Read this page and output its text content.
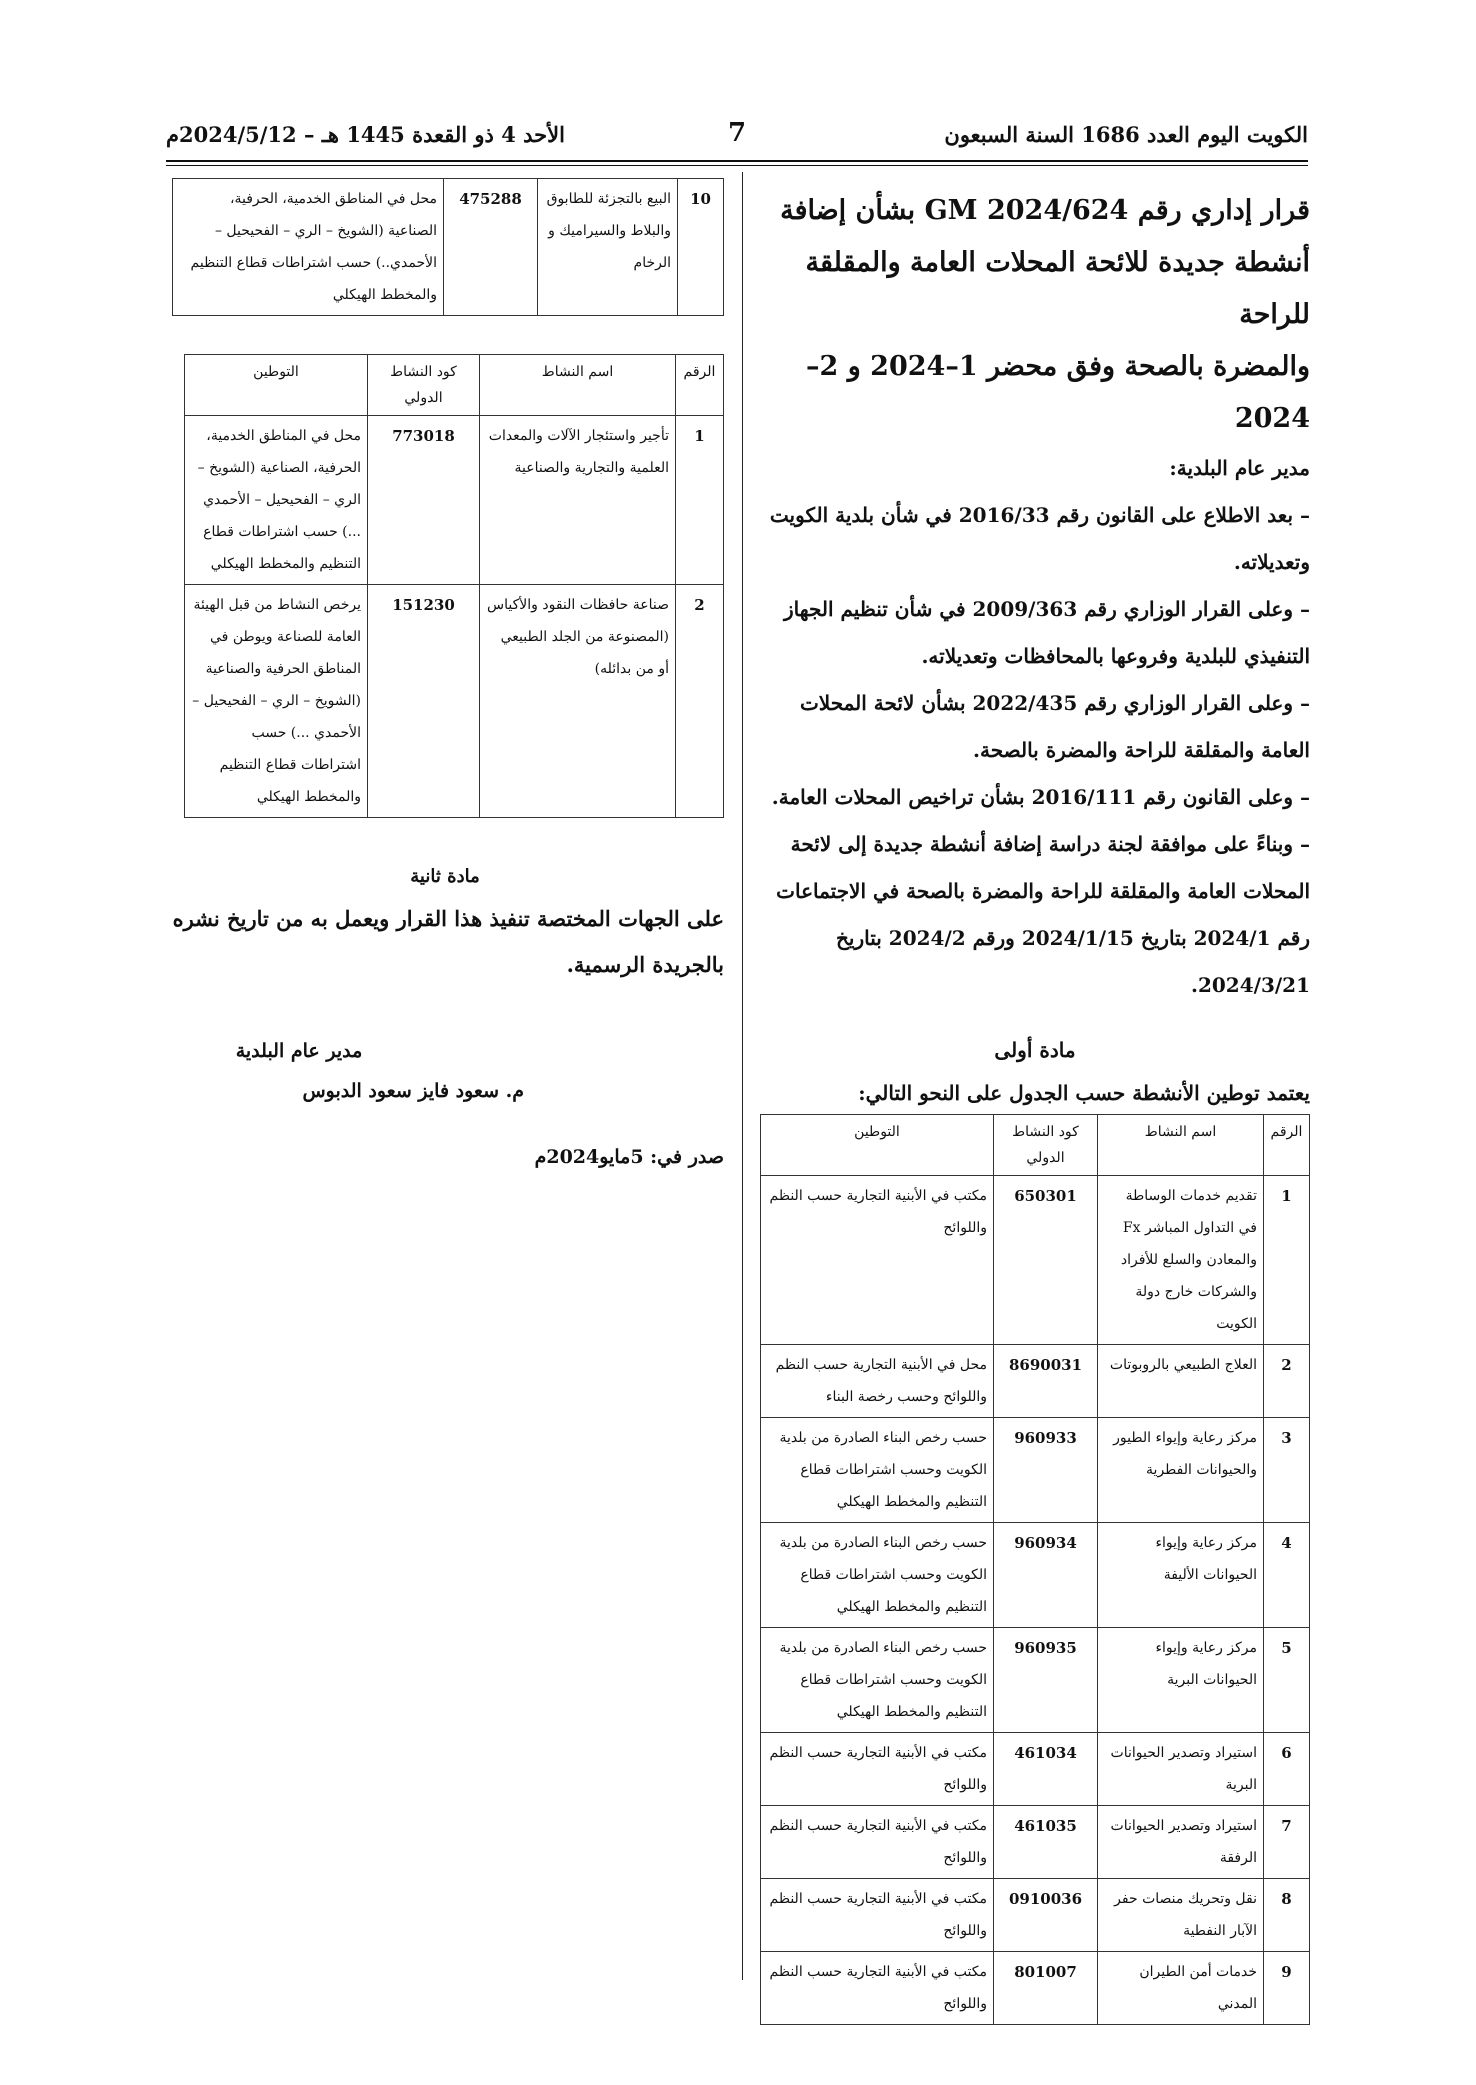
الكويت اليوم العدد 1686 السنة السبعون
7
الأحد 4 ذو القعدة 1445 هـ – 2024/5/12م
قرار إداري رقم GM 2024/624 بشأن إضافة
أنشطة جديدة للائحة المحلات العامة والمقلقة للراحة
والمضرة بالصحة وفق محضر 1–2024 و 2–2024

مدير عام البلدية:

– بعد الاطلاع على القانون رقم 2016/33 في شأن بلدية الكويت وتعديلاته.

– وعلى القرار الوزاري رقم 2009/363 في شأن تنظيم الجهاز التنفيذي للبلدية وفروعها بالمحافظات وتعديلاته.

– وعلى القرار الوزاري رقم 2022/435 بشأن لائحة المحلات العامة والمقلقة للراحة والمضرة بالصحة.

– وعلى القانون رقم 2016/111 بشأن تراخيص المحلات العامة.

– وبناءً على موافقة لجنة دراسة إضافة أنشطة جديدة إلى لائحة المحلات العامة والمقلقة للراحة والمضرة بالصحة في الاجتماعات رقم 2024/1 بتاريخ 2024/1/15 ورقم 2024/2 بتاريخ 2024/3/21.

مادة أولى
يعتمد توطين الأنشطة حسب الجدول على النحو التالي:
الرقم	اسم النشاط	كود النشاط الدولي	التوطين
1	تقديم خدمات الوساطة في التداول المباشر Fx والمعادن والسلع للأفراد والشركات خارج دولة الكويت	650301	مكتب في الأبنية التجارية حسب النظم واللوائح
2	العلاج الطبيعي بالروبوتات	8690031	محل في الأبنية التجارية حسب النظم واللوائح وحسب رخصة البناء
3	مركز رعاية وإيواء الطيور والحيوانات الفطرية	960933	حسب رخص البناء الصادرة من بلدية الكويت وحسب اشتراطات قطاع التنظيم والمخطط الهيكلي
4	مركز رعاية وإيواء الحيوانات الأليفة	960934	حسب رخص البناء الصادرة من بلدية الكويت وحسب اشتراطات قطاع التنظيم والمخطط الهيكلي
5	مركز رعاية وإيواء الحيوانات البرية	960935	حسب رخص البناء الصادرة من بلدية الكويت وحسب اشتراطات قطاع التنظيم والمخطط الهيكلي
6	استيراد وتصدير الحيوانات البرية	461034	مكتب في الأبنية التجارية حسب النظم واللوائح
7	استيراد وتصدير الحيوانات الرفقة	461035	مكتب في الأبنية التجارية حسب النظم واللوائح
8	نقل وتحريك منصات حفر الآبار النفطية	0910036	مكتب في الأبنية التجارية حسب النظم واللوائح
9	خدمات أمن الطيران المدني	801007	مكتب في الأبنية التجارية حسب النظم واللوائح
10	البيع بالتجزئة للطابوق والبلاط والسيراميك و الرخام	475288	محل في المناطق الخدمية، الحرفية، الصناعية (الشويخ – الري – الفحيحيل – الأحمدي..) حسب اشتراطات قطاع التنظيم والمخطط الهيكلي
الرقم	اسم النشاط	كود النشاط الدولي	التوطين
1	تأجير واستئجار الآلات والمعدات العلمية والتجارية والصناعية	773018	محل في المناطق الخدمية، الحرفية، الصناعية (الشويخ – الري – الفحيحيل – الأحمدي ...) حسب اشتراطات قطاع التنظيم والمخطط الهيكلي
2	صناعة حافظات النقود والأكياس (المصنوعة من الجلد الطبيعي أو من بدائله)	151230	يرخص النشاط من قبل الهيئة العامة للصناعة ويوطن في المناطق الحرفية والصناعية (الشويخ – الري – الفحيحيل – الأحمدي ...) حسب اشتراطات قطاع التنظيم والمخطط الهيكلي
مادة ثانية
على الجهات المختصة تنفيذ هذا القرار ويعمل به من تاريخ نشره بالجريدة الرسمية.
مدير عام البلدية
م. سعود فايز سعود الدبوس
صدر في: 5مايو2024م
